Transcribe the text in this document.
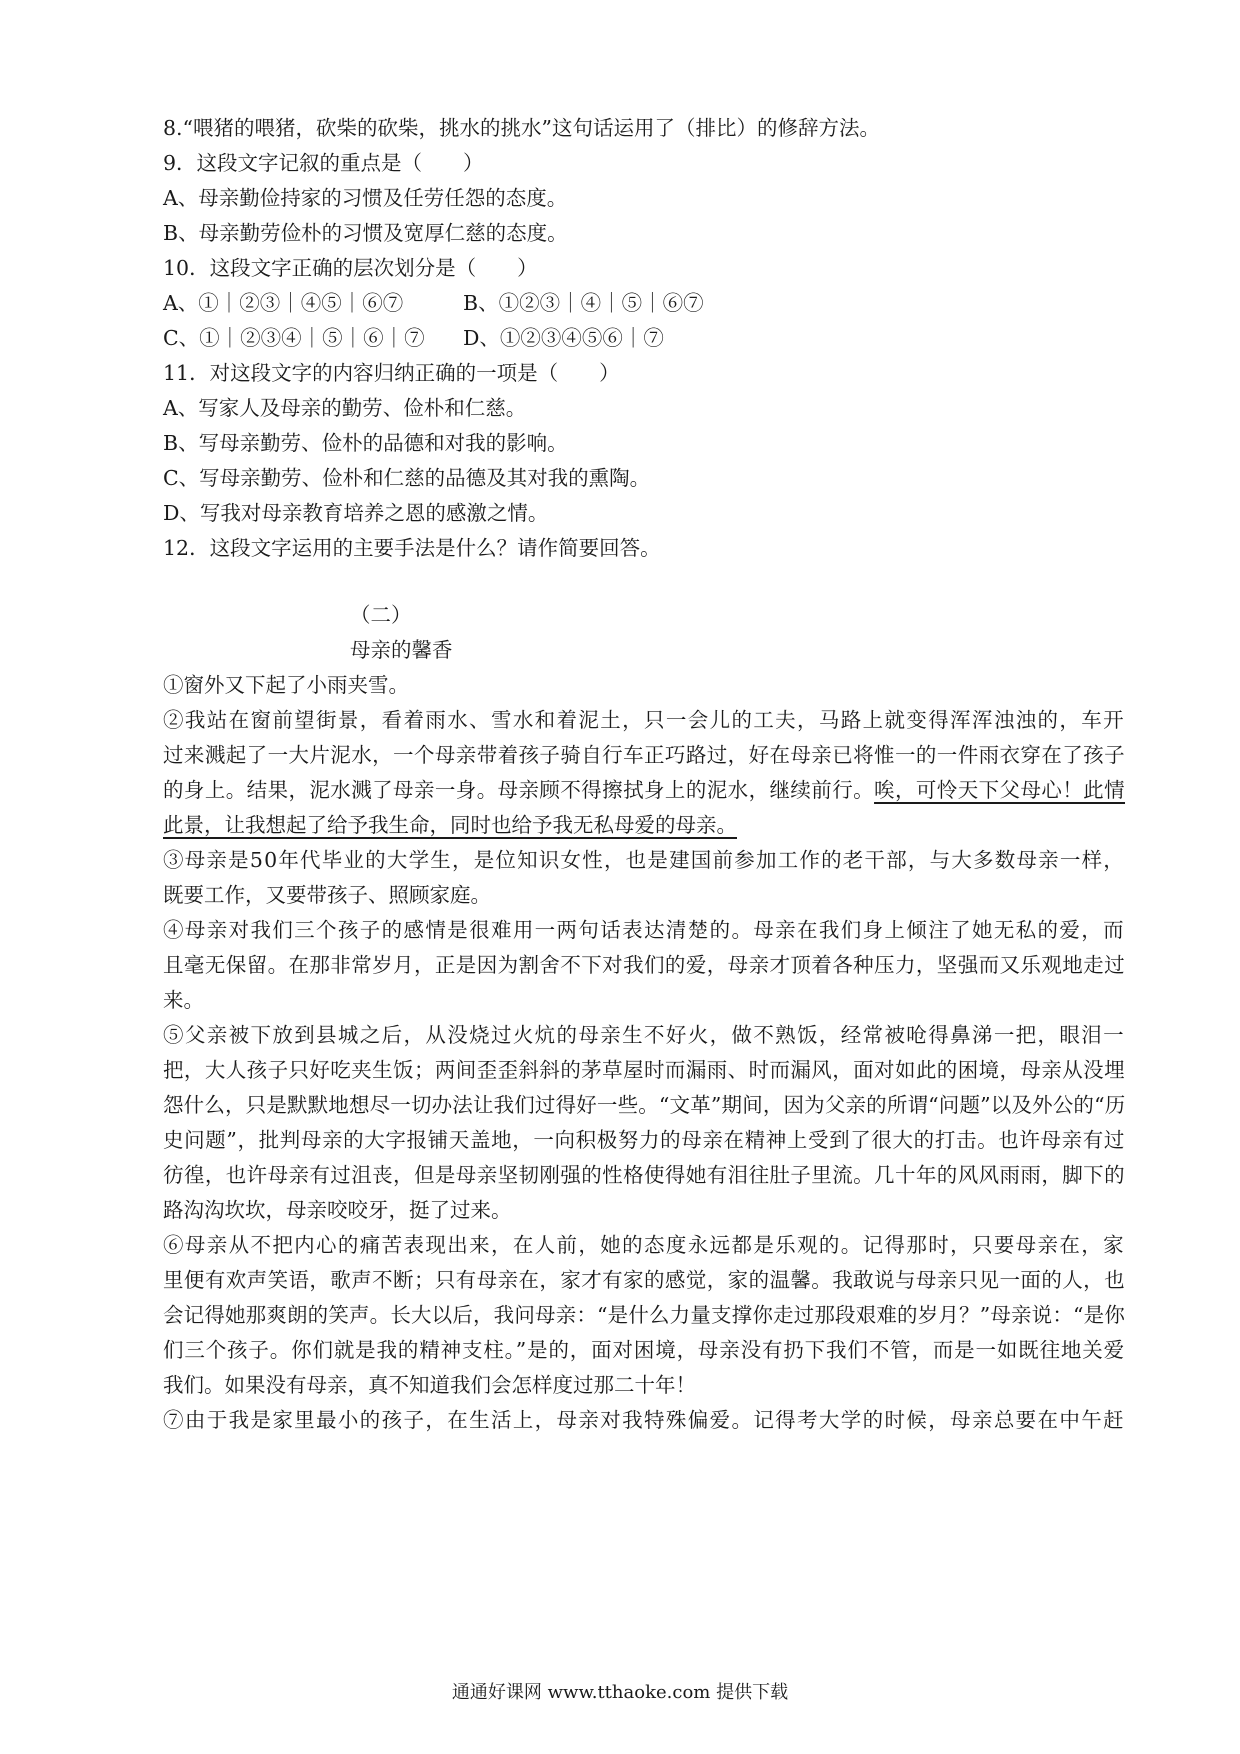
8.“喂猪的喂猪，砍柴的砍柴，挑水的挑水”这句话运用了（排比）的修辞方法。

9．这段文字记叙的重点是（　　）

A、母亲勤俭持家的习惯及任劳任怨的态度。

B、母亲勤劳俭朴的习惯及宽厚仁慈的态度。

10．这段文字正确的层次划分是（　　）

A、①｜②③｜④⑤｜⑥⑦	B、①②③｜④｜⑤｜⑥⑦

C、①｜②③④｜⑤｜⑥｜⑦ D、①②③④⑤⑥｜⑦

11．对这段文字的内容归纳正确的一项是（　　）

A、写家人及母亲的勤劳、俭朴和仁慈。

B、写母亲勤劳、俭朴的品德和对我的影响。

C、写母亲勤劳、俭朴和仁慈的品德及其对我的熏陶。

D、写我对母亲教育培养之恩的感激之情。

12．这段文字运用的主要手法是什么？请作简要回答。

（二）

母亲的馨香

①窗外又下起了小雨夹雪。

②我站在窗前望街景，看着雨水、雪水和着泥土，只一会儿的工夫，马路上就变得浑浑浊浊的，车开

过来溅起了一大片泥水，一个母亲带着孩子骑自行车正巧路过，好在母亲已将惟一的一件雨衣穿在了孩子

的身上。结果，泥水溅了母亲一身。母亲顾不得擦拭身上的泥水，继续前行。唉，可怜天下父母心！此情

此景，让我想起了给予我生命，同时也给予我无私母爱的母亲。

③母亲是50年代毕业的大学生，是位知识女性，也是建国前参加工作的老干部，与大多数母亲一样，

既要工作，又要带孩子、照顾家庭。

④母亲对我们三个孩子的感情是很难用一两句话表达清楚的。母亲在我们身上倾注了她无私的爱，而

且毫无保留。在那非常岁月，正是因为割舍不下对我们的爱，母亲才顶着各种压力，坚强而又乐观地走过

来。

⑤父亲被下放到县城之后，从没烧过火炕的母亲生不好火，做不熟饭，经常被呛得鼻涕一把，眼泪一

把，大人孩子只好吃夹生饭；两间歪歪斜斜的茅草屋时而漏雨、时而漏风，面对如此的困境，母亲从没埋

怨什么，只是默默地想尽一切办法让我们过得好一些。“文革”期间，因为父亲的所谓“问题”以及外公的“历

史问题”，批判母亲的大字报铺天盖地，一向积极努力的母亲在精神上受到了很大的打击。也许母亲有过

彷徨，也许母亲有过沮丧，但是母亲坚韧刚强的性格使得她有泪往肚子里流。几十年的风风雨雨，脚下的

路沟沟坎坎，母亲咬咬牙，挺了过来。

⑥母亲从不把内心的痛苦表现出来，在人前，她的态度永远都是乐观的。记得那时，只要母亲在，家

里便有欢声笑语，歌声不断；只有母亲在，家才有家的感觉，家的温馨。我敢说与母亲只见一面的人，也

会记得她那爽朗的笑声。长大以后，我问母亲：“是什么力量支撑你走过那段艰难的岁月？”母亲说：“是你

们三个孩子。你们就是我的精神支柱。”是的，面对困境，母亲没有扔下我们不管，而是一如既往地关爱

我们。如果没有母亲，真不知道我们会怎样度过那二十年！

⑦由于我是家里最小的孩子，在生活上，母亲对我特殊偏爱。记得考大学的时候，母亲总要在中午赶

通通好课网 www.tthaoke.com 提供下载
